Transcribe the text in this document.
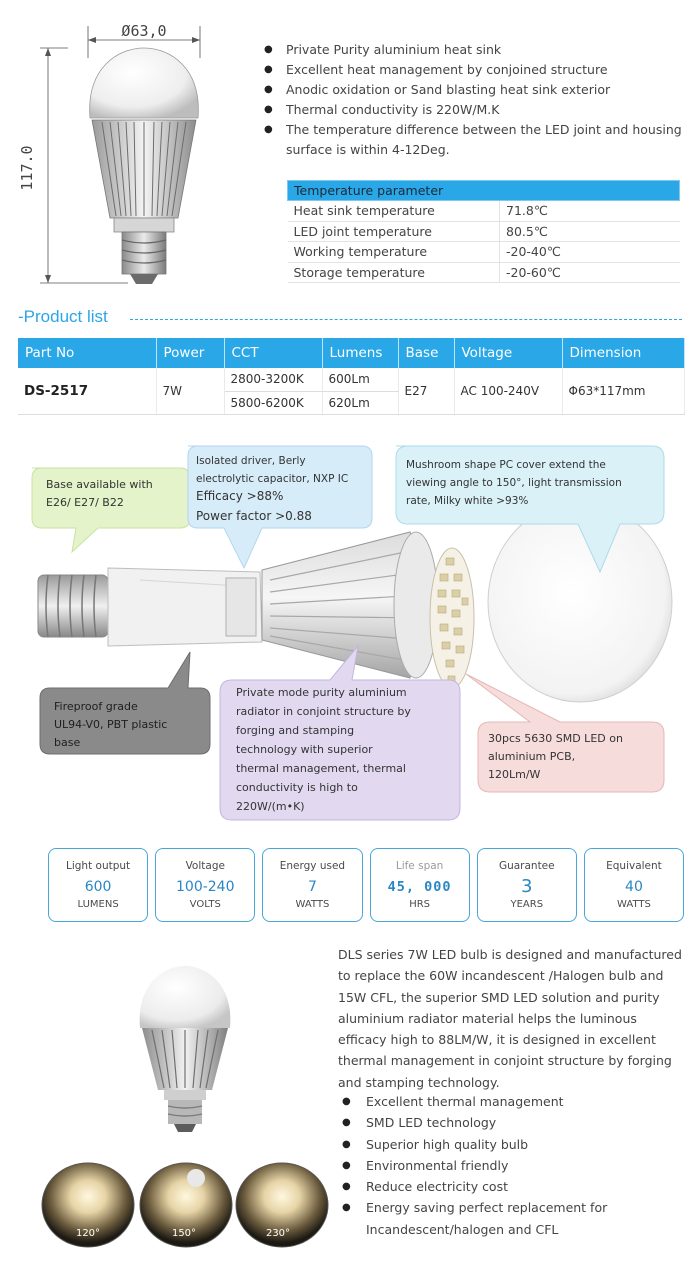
Ø63,0
117.0
● Private Purity aluminium heat sink
● Excellent heat management by conjoined structure
● Anodic oxidation or Sand blasting heat sink exterior
● Thermal conductivity is 220W/M.K
● The temperature difference between the LED joint and housing surface is within 4-12Deg.
Temperature parameter	
Heat sink temperature	71.8℃
LED joint temperature	80.5℃
Working temperature	-20-40℃
Storage temperature	-20-60℃
-Product list
Part No	Power	CCT	Lumens	Base	Voltage	Dimension
DS-2517	7W	2800-3200K	600Lm	E27	AC 100-240V	Φ63*117mm
		5800-6200K	620Lm			
Base available with
E26/ E27/ B22
Isolated driver, Berly
electrolytic capacitor, NXP IC
Efficacy >88%
Power factor >0.88
Mushroom shape PC cover extend the
viewing angle to 150°, light transmission
rate, Milky white >93%
Fireproof grade
UL94-V0, PBT plastic
base
Private mode purity aluminium
radiator in conjoint structure by
forging and stamping
technology with superior
thermal management, thermal
conductivity is high to
220W/(m•K)
30pcs 5630 SMD LED on
aluminium PCB,
120Lm/W
Light output
600
LUMENS
Voltage
100-240
VOLTS
Energy used
7
WATTS
Life span
45, 000
HRS
Guarantee
3
YEARS
Equivalent
40
WATTS
120°	150°	230°

DLS series 7W LED bulb is designed and manufactured to replace the 60W incandescent /Halogen bulb and 15W CFL, the superior SMD LED solution and purity aluminium radiator material helps the luminous efficacy high to 88LM/W, it is designed in excellent thermal management in conjoint structure by forging and stamping technology.

● Excellent thermal management
● SMD LED technology
● Superior high quality bulb
● Environmental friendly
● Reduce electricity cost
● Energy saving perfect replacement for Incandescent/halogen and CFL
